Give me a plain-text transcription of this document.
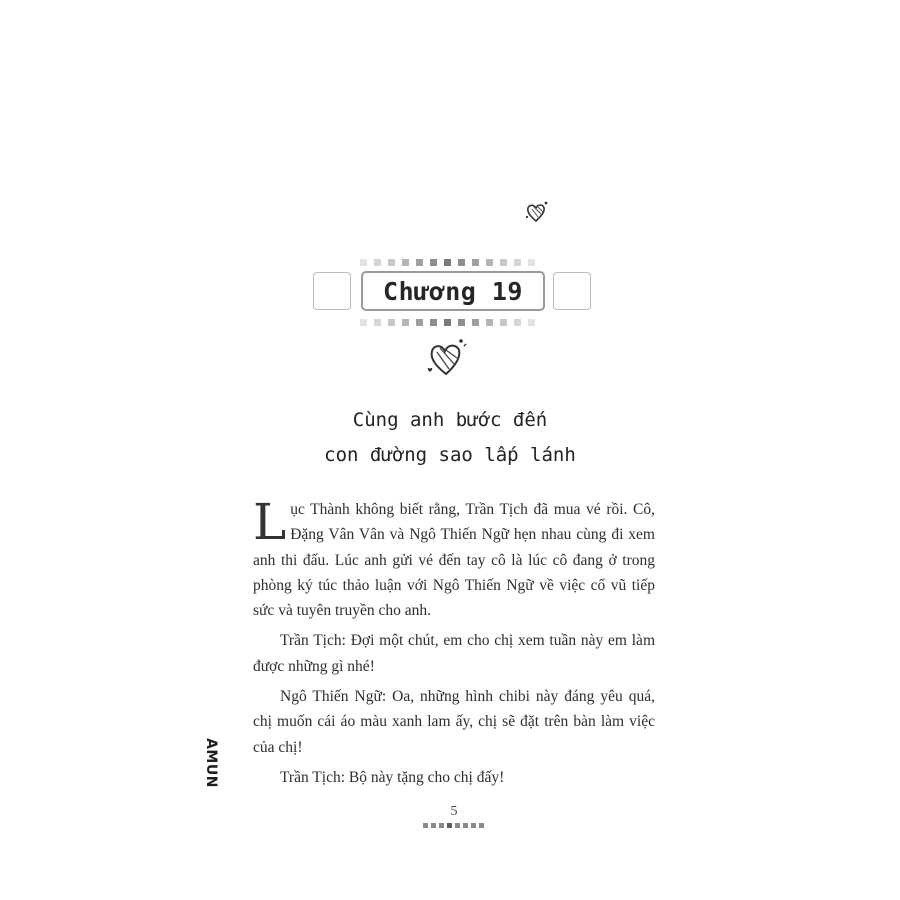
Chương 19
Cùng anh bước đến
con đường sao lấp lánh

Lục Thành không biết rằng, Trần Tịch đã mua vé rồi. Cô, Đặng Vân Vân và Ngô Thiến Ngữ hẹn nhau cùng đi xem anh thi đấu. Lúc anh gửi vé đến tay cô là lúc cô đang ở trong phòng ký túc thảo luận với Ngô Thiến Ngữ về việc cổ vũ tiếp sức và tuyên truyền cho anh.

Trần Tịch: Đợi một chút, em cho chị xem tuần này em làm được những gì nhé!

Ngô Thiến Ngữ: Oa, những hình chibi này đáng yêu quá, chị muốn cái áo màu xanh lam ấy, chị sẽ đặt trên bàn làm việc của chị!

Trần Tịch: Bộ này tặng cho chị đấy!

AMUN
5
